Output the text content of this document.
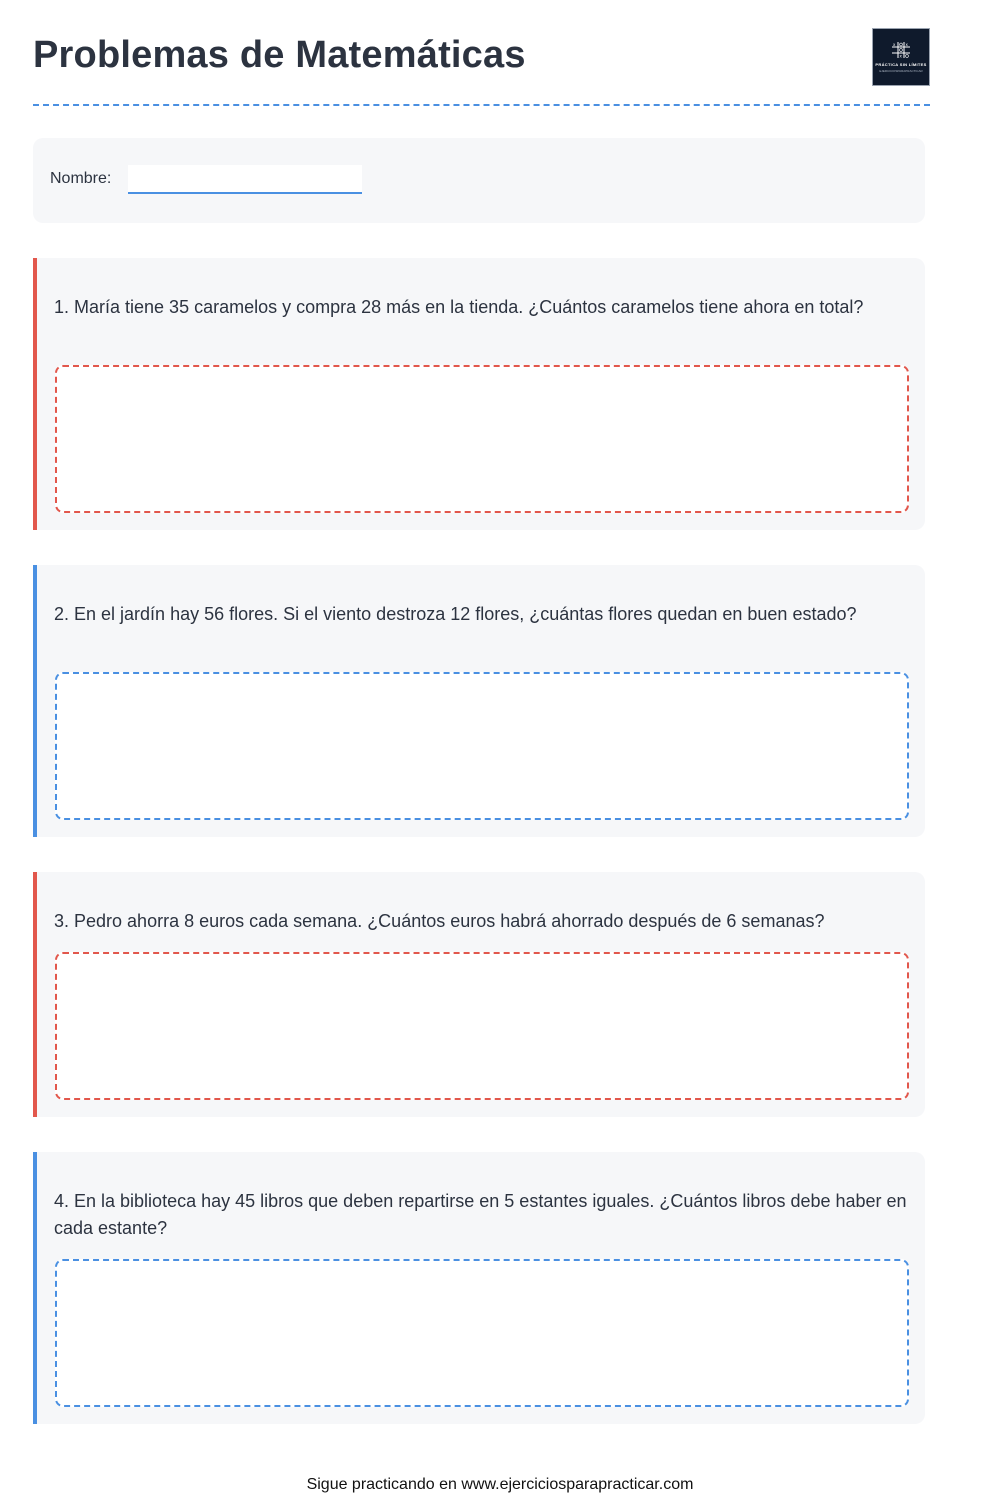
Problemas de Matemáticas	x	x
x
PRÁCTICA SIN LÍMITES
EJERCICIOSPARAPRACTICAR
Nombre:

1. María tiene 35 caramelos y compra 28 más en la tienda. ¿Cuántos caramelos tiene ahora en total?

2. En el jardín hay 56 flores. Si el viento destroza 12 flores, ¿cuántas flores quedan en buen estado?

3. Pedro ahorra 8 euros cada semana. ¿Cuántos euros habrá ahorrado después de 6 semanas?

4. En la biblioteca hay 45 libros que deben repartirse en 5 estantes iguales. ¿Cuántos libros debe haber en cada estante?

Sigue practicando en www.ejerciciosparapracticar.com
